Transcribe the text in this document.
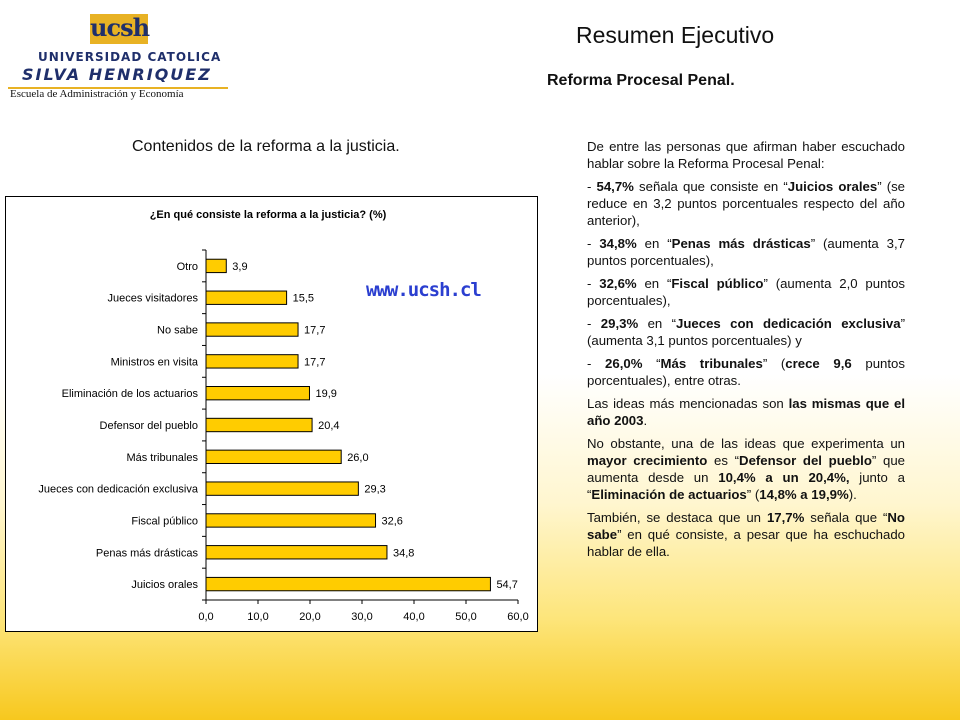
ucsh
UNIVERSIDAD CATOLICA
SILVA HENRIQUEZ
Escuela de Administración y Economía
Resumen Ejecutivo
Reforma Procesal Penal.
Contenidos de la reforma a la justicia.
¿En qué consiste la reforma a la justicia? (%)
0,0	10,0	20,0	30,0	40,0	50,0	60,0
Otro	3,9
Jueces visitadores	15,5
No sabe	17,7
Ministros en visita	17,7
Eliminación de los actuarios	19,9
Defensor del pueblo	20,4
Más tribunales	26,0
Jueces con dedicación exclusiva	29,3
Fiscal público	32,6
Penas más drásticas	34,8
Juicios orales	54,7
www.ucsh.cl

De entre las personas que afirman haber escuchado hablar sobre la Reforma Procesal Penal:

- 54,7% señala que consiste en “Juicios orales” (se reduce en 3,2 puntos porcentuales respecto del año anterior),

- 34,8% en “Penas más drásticas” (aumenta 3,7 puntos porcentuales),

- 32,6% en “Fiscal público” (aumenta 2,0 puntos porcentuales),

- 29,3% en “Jueces con dedicación exclusiva” (aumenta 3,1 puntos porcentuales) y

- 26,0% “Más tribunales” (crece 9,6 puntos porcentuales), entre otras.

Las ideas más mencionadas son las mismas que el año 2003.

No obstante, una de las ideas que experimenta un mayor crecimiento es “Defensor del pueblo” que aumenta desde un 10,4% a un 20,4%, junto a “Eliminación de actuarios” (14,8% a 19,9%).

También, se destaca que un 17,7% señala que “No sabe” en qué consiste, a pesar que ha eschuchado hablar de ella.
